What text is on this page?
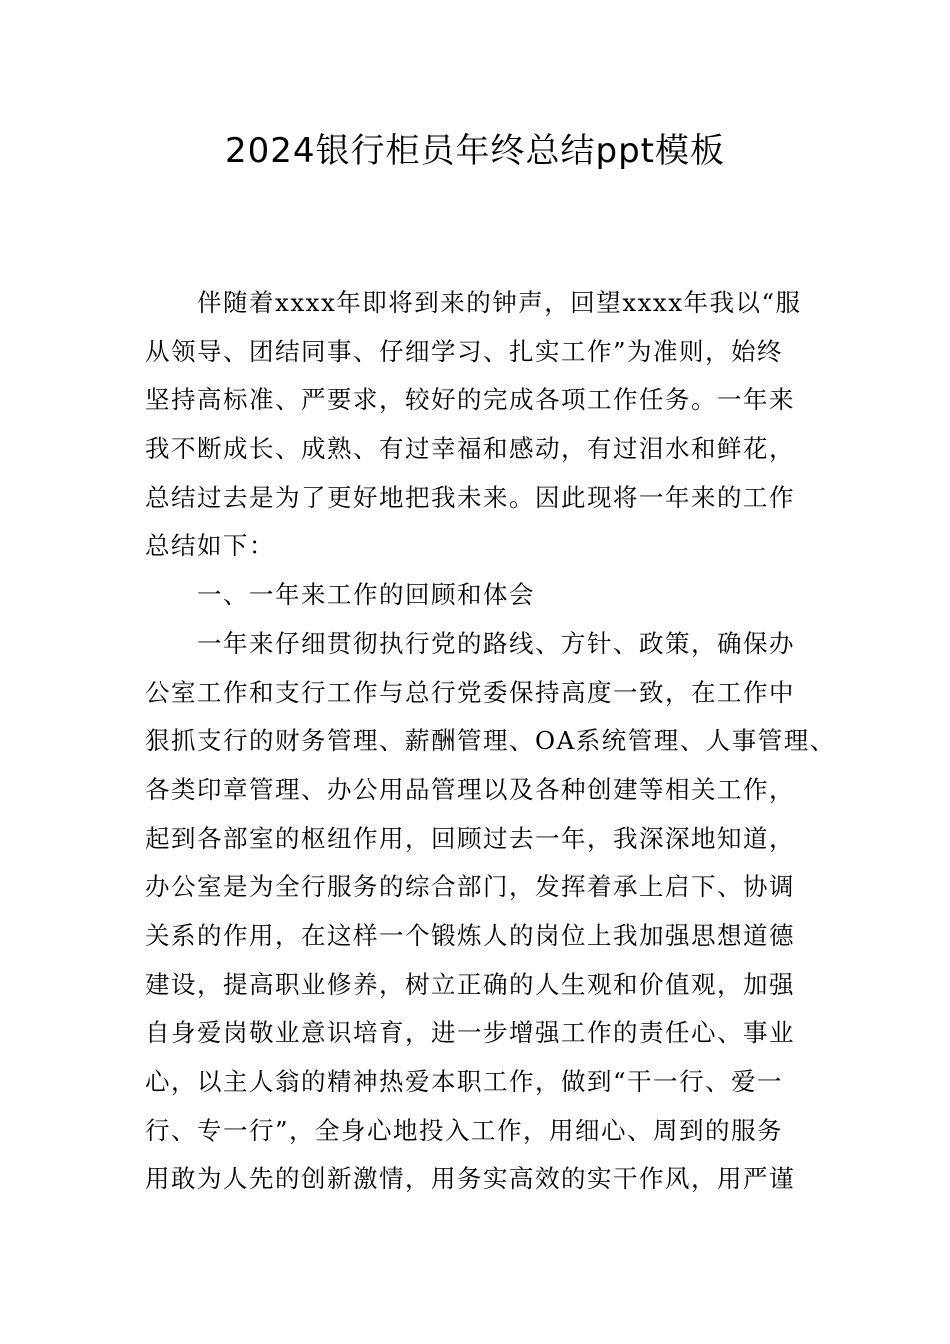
2024银行柜员年终总结ppt模板
　　伴随着xxxx年即将到来的钟声，回望xxxx年我以“服
从领导、团结同事、仔细学习、扎实工作”为准则，始终
坚持高标准、严要求，较好的完成各项工作任务。一年来
我不断成长、成熟、有过幸福和感动，有过泪水和鲜花，
总结过去是为了更好地把我未来。因此现将一年来的工作
总结如下：
　　一、一年来工作的回顾和体会
　　一年来仔细贯彻执行党的路线、方针、政策，确保办
公室工作和支行工作与总行党委保持高度一致，在工作中
狠抓支行的财务管理、薪酬管理、OA系统管理、人事管理、
各类印章管理、办公用品管理以及各种创建等相关工作，
起到各部室的枢纽作用，回顾过去一年，我深深地知道，
办公室是为全行服务的综合部门，发挥着承上启下、协调
关系的作用，在这样一个锻炼人的岗位上我加强思想道德
建设，提高职业修养，树立正确的人生观和价值观，加强
自身爱岗敬业意识培育，进一步增强工作的责任心、事业
心，以主人翁的精神热爱本职工作，做到“干一行、爱一
行、专一行”，全身心地投入工作，用细心、周到的服务
用敢为人先的创新激情，用务实高效的实干作风，用严谨
